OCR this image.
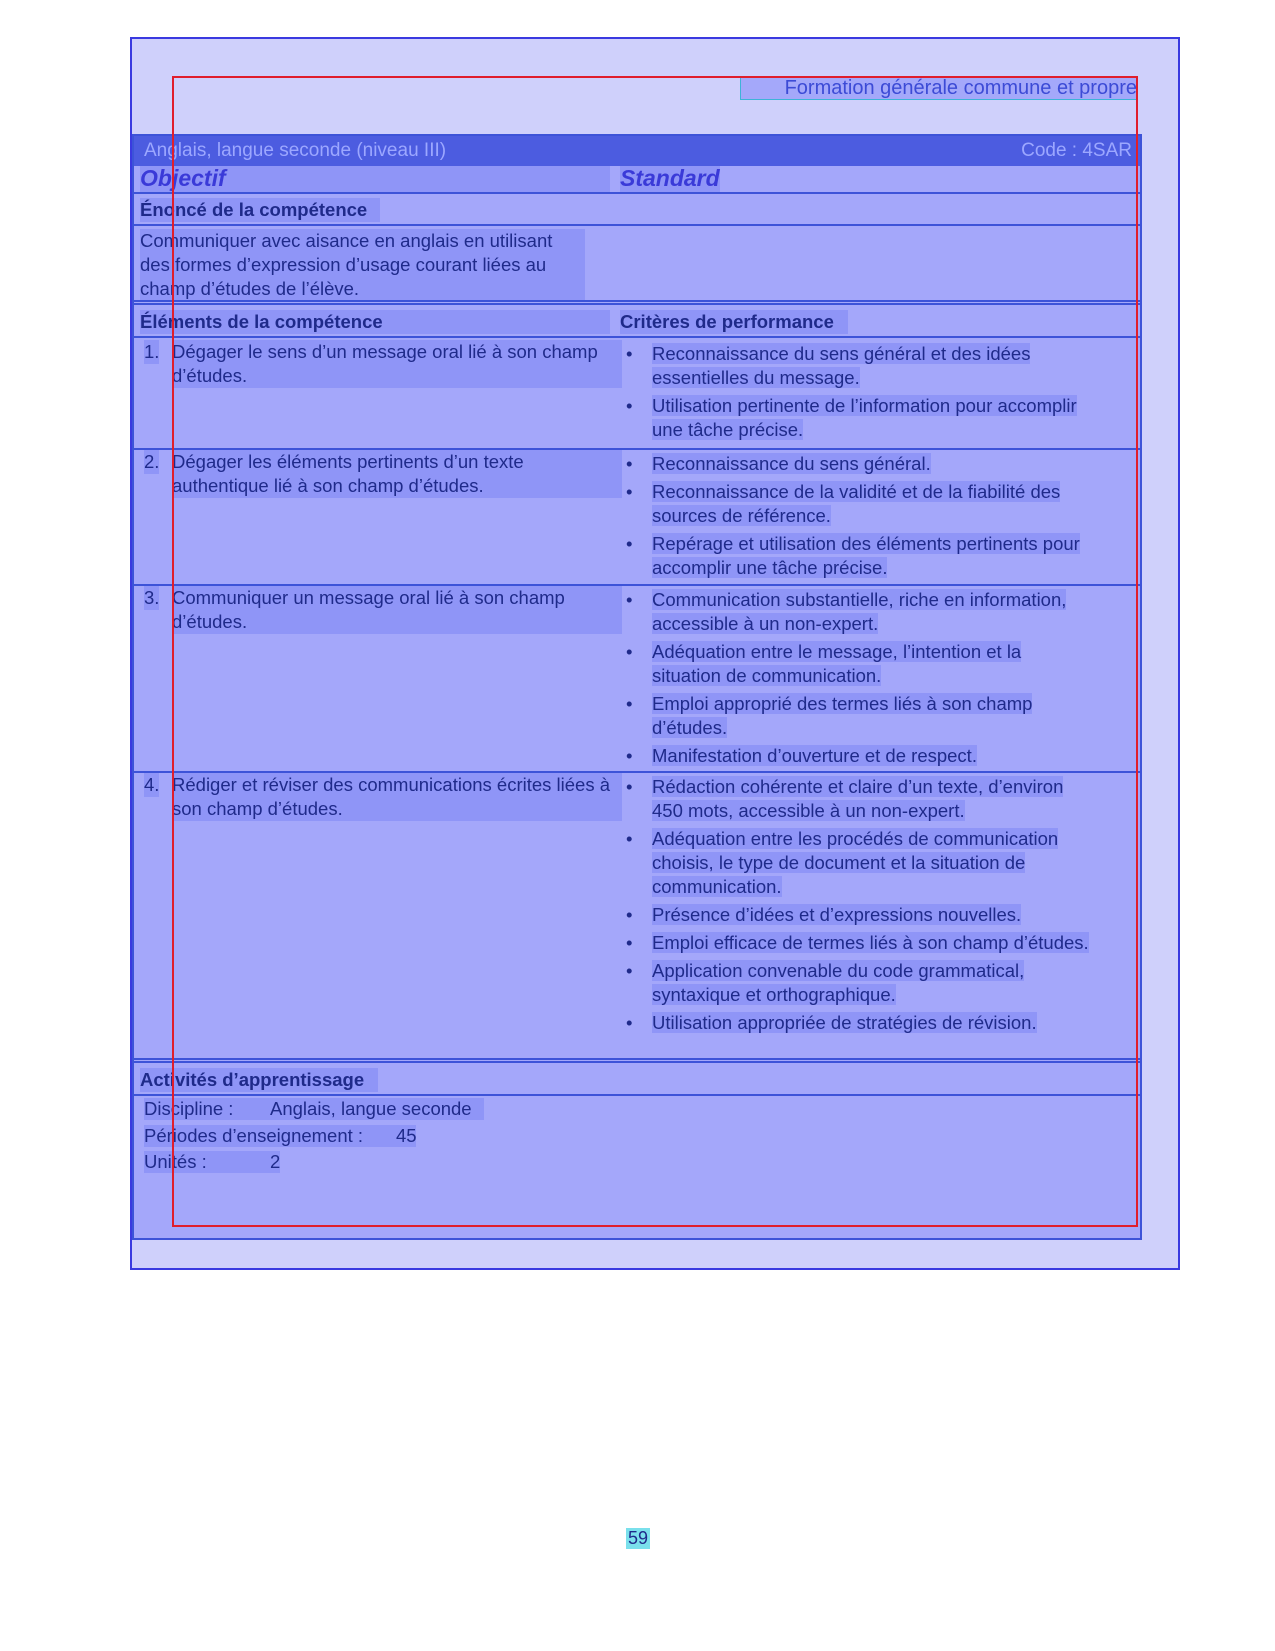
Formation générale commune et propre
Anglais, langue seconde (niveau III)	Code : 4SAR
Objectif	Standard
Énoncé de la compétence
Communiquer avec aisance en anglais en utilisant des formes d’expression d’usage courant liées au champ d’études de l’élève.
Éléments de la compétence	Critères de performance
1. Dégager le sens d’un message oral lié à son champ d’études.
• Reconnaissance du sens général et des idées essentielles du message.
• Utilisation pertinente de l’information pour accomplir une tâche précise.
2. Dégager les éléments pertinents d’un texte authentique lié à son champ d’études.
• Reconnaissance du sens général.
• Reconnaissance de la validité et de la fiabilité des sources de référence.
• Repérage et utilisation des éléments pertinents pour accomplir une tâche précise.
3. Communiquer un message oral lié à son champ d’études.
• Communication substantielle, riche en information, accessible à un non-expert.
• Adéquation entre le message, l’intention et la situation de communication.
• Emploi approprié des termes liés à son champ d’études.
• Manifestation d’ouverture et de respect.
4. Rédiger et réviser des communications écrites liées à son champ d’études.
• Rédaction cohérente et claire d’un texte, d’environ 450 mots, accessible à un non-expert.
• Adéquation entre les procédés de communication choisis, le type de document et la situation de communication.
• Présence d’idées et d’expressions nouvelles.
• Emploi efficace de termes liés à son champ d’études.
• Application convenable du code grammatical, syntaxique et orthographique.
• Utilisation appropriée de stratégies de révision.
Activités d’apprentissage
Discipline : Anglais, langue seconde
Périodes d’enseignement : 45
Unités :	2
59
